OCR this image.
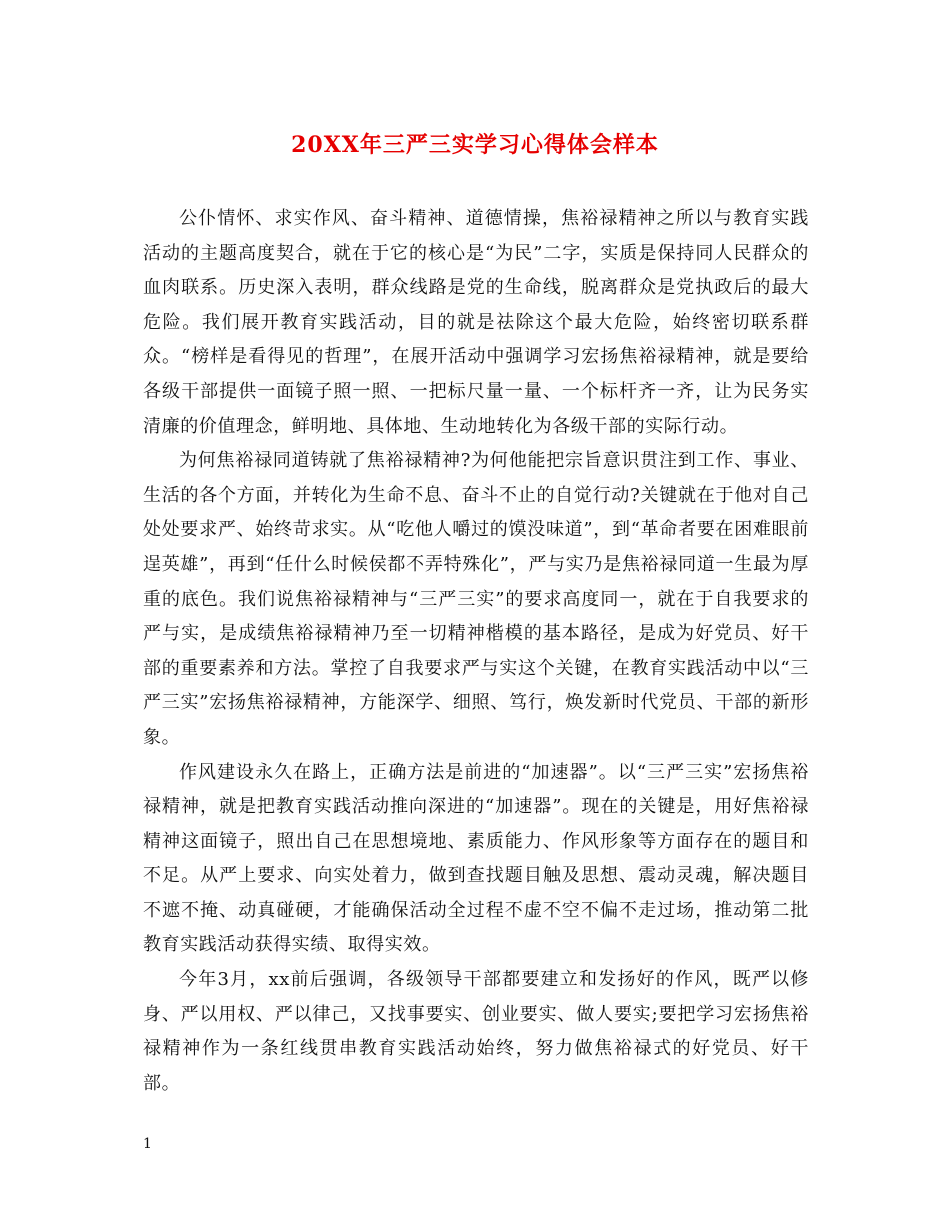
20XX年三严三实学习心得体会样本

公仆情怀、求实作风、奋斗精神、道德情操，焦裕禄精神之所以与教育实践活动的主题高度契合，就在于它的核心是“为民”二字，实质是保持同人民群众的血肉联系。历史深入表明，群众线路是党的生命线，脱离群众是党执政后的最大危险。我们展开教育实践活动，目的就是祛除这个最大危险，始终密切联系群众。“榜样是看得见的哲理”，在展开活动中强调学习宏扬焦裕禄精神，就是要给各级干部提供一面镜子照一照、一把标尺量一量、一个标杆齐一齐，让为民务实清廉的价值理念，鲜明地、具体地、生动地转化为各级干部的实际行动。

为何焦裕禄同道铸就了焦裕禄精神?为何他能把宗旨意识贯注到工作、事业、生活的各个方面，并转化为生命不息、奋斗不止的自觉行动?关键就在于他对自己处处要求严、始终苛求实。从“吃他人嚼过的馍没味道”，到“革命者要在困难眼前逞英雄”，再到“任什么时候侯都不弄特殊化”，严与实乃是焦裕禄同道一生最为厚重的底色。我们说焦裕禄精神与“三严三实”的要求高度同一，就在于自我要求的严与实，是成绩焦裕禄精神乃至一切精神楷模的基本路径，是成为好党员、好干部的重要素养和方法。掌控了自我要求严与实这个关键，在教育实践活动中以“三严三实”宏扬焦裕禄精神，方能深学、细照、笃行，焕发新时代党员、干部的新形象。

作风建设永久在路上，正确方法是前进的“加速器”。以“三严三实”宏扬焦裕禄精神，就是把教育实践活动推向深进的“加速器”。现在的关键是，用好焦裕禄精神这面镜子，照出自己在思想境地、素质能力、作风形象等方面存在的题目和不足。从严上要求、向实处着力，做到查找题目触及思想、震动灵魂，解决题目不遮不掩、动真碰硬，才能确保活动全过程不虚不空不偏不走过场，推动第二批教育实践活动获得实绩、取得实效。

今年3月，xx前后强调，各级领导干部都要建立和发扬好的作风，既严以修身、严以用权、严以律己，又找事要实、创业要实、做人要实;要把学习宏扬焦裕禄精神作为一条红线贯串教育实践活动始终，努力做焦裕禄式的好党员、好干部。

1
